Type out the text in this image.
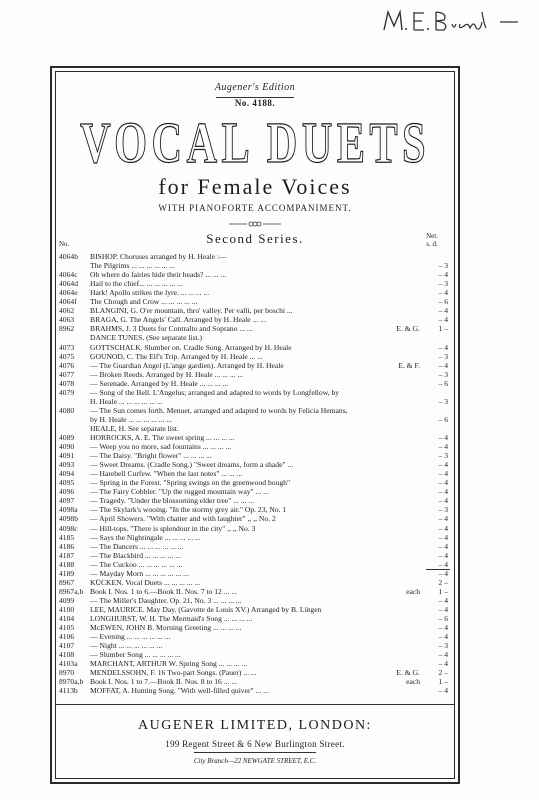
Augener's Edition
No. 4188.
VOCAL DUETS
for Female Voices
WITH PIANOFORTE ACCOMPANIMENT.
Second Series.
No.
Net.
s. d.
4064b BISHOP. Choruses arranged by H. Heale :—
The Pilgrims ... ... ... ... ... ...	– 3
4064c Oh where do fairies hide their heads? ... ... ...	– 4
4064d Hail to the chief... ... ... ... ... ...	– 3
4064e Hark! Apollo strikes the lyre. ... ... ... ...	– 4
4064f The Chough and Crow ... ... ... ... ...	– 6
4062 BLANGINI, G. O'er mountain, thro' valley. Per valli, per boschi ...	– 4
4063 BRAGA, G. The Angels' Call. Arranged by H. Heale ... ...	– 4
8962 BRAHMS, J. 3 Duets for Contralto and Soprano ... ...	E. & G.	1 –
DANCE TUNES. (See separate list.)
4073 GOTTSCHALK. Slumber on. Cradle Song. Arranged by H. Heale	– 4
4075 GOUNOD, C. The Elf's Trip. Arranged by H. Heale ... ...	– 3
4076 — The Guardian Angel (L'ange gardien). Arranged by H. Heale	E. & F.	– 4
4077 — Broken Reeds. Arranged by H. Heale ... ... ... ...	– 3
4078 — Serenade. Arranged by H. Heale ... ... ... ...	– 6
4079 — Song of the Bell. L'Angelus; arranged and adapted to words by Longfellow, by
H. Heale ... ... ... ... ... ...	– 3
4080 — The Sun comes forth. Menuet, arranged and adapted to words by Felicia Hemans,
by H. Heale ... ... ... ... ... ...	– 6
HEALE, H. See separate list.
4089 HORROCKS, A. E. The sweet spring ... ... ... ...	– 4
4090 — Weep you no more, sad fountains ... ... ... ...	– 4
4091 — The Daisy. "Bright flower" ... ... ... ...	– 3
4093 — Sweet Dreams. (Cradle Song.) "Sweet dreams, form a shade" ...	– 4
4094 — Harebell Curfew. "When the last notes" ... ... ...	– 4
4095 — Spring in the Forest. "Spring swings on the greenwood bough"	– 4
4096 — The Fairy Cobbler. "Up the rugged mountain way" ... ...	– 4
4097 — Tragedy. "Under the blossoming elder tree" ... ... ...	– 4
4098a — The Skylark's wooing. "In the stormy grey air." Op. 23, No. 1	– 3
4098b — April Showers. "With chatter and with laughter" ,, ,, No. 2	– 4
4098c — Hill-tops. "There is splendour in the city" ,, ,, No. 3	– 4
4185 — Says the Nightingale ... ... ... ... ...	– 4
4186 — The Dancers ... ... ... ... ... ...	– 4
4187 — The Blackbird ... ... ... ... ...	– 4
4188 — The Cuckoo ... ... ... ... ... ...	– 4
4189 — Mayday Morn ... ... ... ... ... ...	– 4
8967 KÜCKEN. Vocal Duets ... ... ... ... ...	2 –
8967a,b Book I. Nos. 1 to 6.—Book II. Nos. 7 to 12 ... ...	each	1 –
4099 — The Miller's Daughter. Op. 21, No. 3 ... ... ... ...	– 4
4100 LEE, MAURICE. May Day. (Gavotte de Louis XV.) Arranged by B. Lütgen	– 4
4104 LONGHURST, W. H. The Mermaid's Song ... ... ... ...	– 6
4105 McEWEN, JOHN B. Morning Greeting ... ... ... ...	– 4
4106 — Evening ... ... ... ... ... ...	– 4
4107 — Night ... ... ... ... ... ...	– 3
4108 — Slumber Song ... ... ... ... ...	– 4
4103a MARCHANT, ARTHUR W. Spring Song ... ... ... ...	– 4
8970 MENDELSSOHN, F. 16 Two-part Songs. (Pauer) ... ...	E. & G.	2 –
8970a,b Book I. Nos. 1 to 7.—Book II. Nos. 8 to 16 ... ...	each	1 –
4113b MOFFAT, A. Hunting Song. "With well-filled quiver" ... ...	– 4
AUGENER LIMITED, LONDON:
199 Regent Street & 6 New Burlington Street.
City Branch—22 NEWGATE STREET, E.C.
